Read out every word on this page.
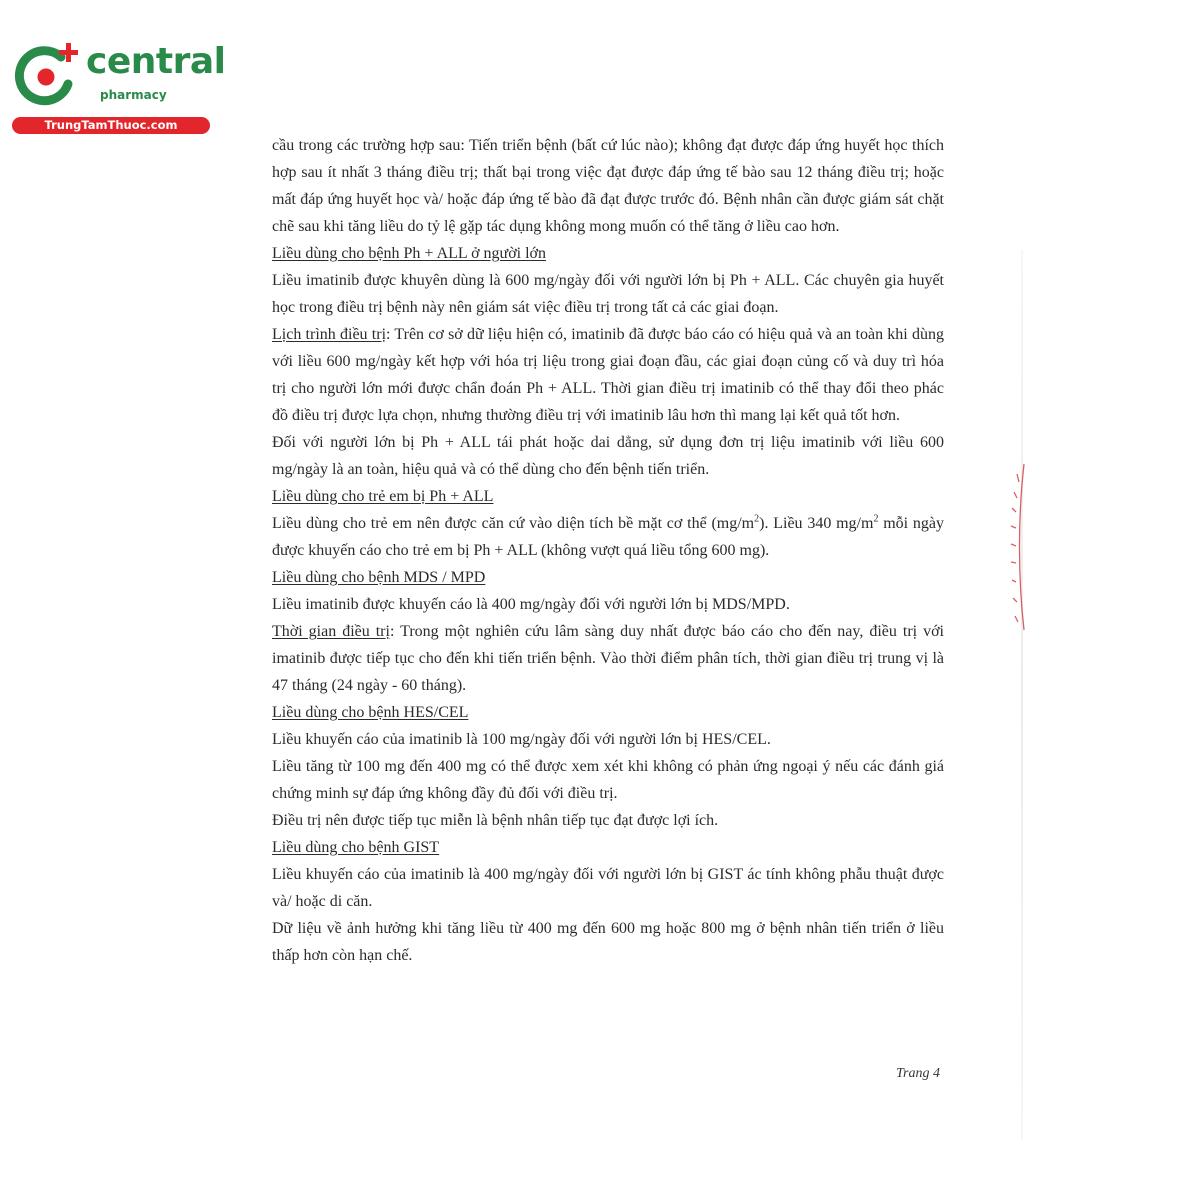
central
pharmacy
TrungTamThuoc.com

cầu trong các trường hợp sau: Tiến triển bệnh (bất cứ lúc nào); không đạt được đáp ứng huyết học thích hợp sau ít nhất 3 tháng điều trị; thất bại trong việc đạt được đáp ứng tế bào sau 12 tháng điều trị; hoặc mất đáp ứng huyết học và/ hoặc đáp ứng tế bào đã đạt được trước đó. Bệnh nhân cần được giám sát chặt chẽ sau khi tăng liều do tỷ lệ gặp tác dụng không mong muốn có thể tăng ở liều cao hơn.

Liều dùng cho bệnh Ph + ALL ở người lớn

Liều imatinib được khuyên dùng là 600 mg/ngày đối với người lớn bị Ph + ALL. Các chuyên gia huyết học trong điều trị bệnh này nên giám sát việc điều trị trong tất cả các giai đoạn.

Lịch trình điều trị: Trên cơ sở dữ liệu hiện có, imatinib đã được báo cáo có hiệu quả và an toàn khi dùng với liều 600 mg/ngày kết hợp với hóa trị liệu trong giai đoạn đầu, các giai đoạn củng cố và duy trì hóa trị cho người lớn mới được chẩn đoán Ph + ALL. Thời gian điều trị imatinib có thể thay đổi theo phác đồ điều trị được lựa chọn, nhưng thường điều trị với imatinib lâu hơn thì mang lại kết quả tốt hơn.

Đối với người lớn bị Ph + ALL tái phát hoặc dai dẳng, sử dụng đơn trị liệu imatinib với liều 600 mg/ngày là an toàn, hiệu quả và có thể dùng cho đến bệnh tiến triển.

Liều dùng cho trẻ em bị Ph + ALL

Liều dùng cho trẻ em nên được căn cứ vào diện tích bề mặt cơ thể $(mg/m^2)$. Liều 340 $mg/m^2$ mỗi ngày được khuyến cáo cho trẻ em bị Ph + ALL (không vượt quá liều tổng 600 mg).

Liều dùng cho bệnh MDS / MPD

Liều imatinib được khuyến cáo là 400 mg/ngày đối với người lớn bị MDS/MPD.

Thời gian điều trị: Trong một nghiên cứu lâm sàng duy nhất được báo cáo cho đến nay, điều trị với imatinib được tiếp tục cho đến khi tiến triển bệnh. Vào thời điểm phân tích, thời gian điều trị trung vị là 47 tháng (24 ngày - 60 tháng).

Liều dùng cho bệnh HES/CEL

Liều khuyến cáo của imatinib là 100 mg/ngày đối với người lớn bị HES/CEL.

Liều tăng từ 100 mg đến 400 mg có thể được xem xét khi không có phản ứng ngoại ý nếu các đánh giá chứng minh sự đáp ứng không đầy đủ đối với điều trị.

Điều trị nên được tiếp tục miễn là bệnh nhân tiếp tục đạt được lợi ích.

Liều dùng cho bệnh GIST

Liều khuyến cáo của imatinib là 400 mg/ngày đối với người lớn bị GIST ác tính không phẫu thuật được và/ hoặc di căn.

Dữ liệu về ảnh hưởng khi tăng liều từ 400 mg đến 600 mg hoặc 800 mg ở bệnh nhân tiến triển ở liều thấp hơn còn hạn chế.

Trang 4
